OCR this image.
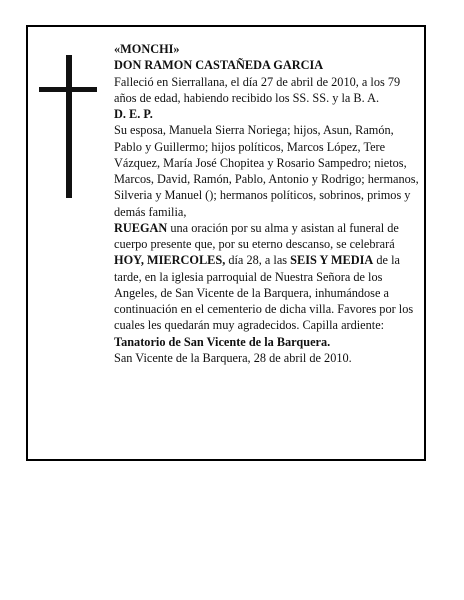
«MONCHI»

DON RAMON CASTAÑEDA GARCIA

Falleció en Sierrallana, el día 27 de abril de 2010, a los 79 años de edad, habiendo recibido los SS. SS. y la B. A.

D. E. P.

Su esposa, Manuela Sierra Noriega; hijos, Asun, Ramón, Pablo y Guillermo; hijos políticos, Marcos López, Tere Vázquez, María José Chopitea y Rosario Sampedro; nietos, Marcos, David, Ramón, Pablo, Antonio y Rodrigo; hermanos, Silveria y Manuel (); hermanos políticos, sobrinos, primos y demás familia,

RUEGAN una oración por su alma y asistan al funeral de cuerpo presente que, por su eterno descanso, se celebrará HOY, MIERCOLES, día 28, a las SEIS Y MEDIA de la tarde, en la iglesia parroquial de Nuestra Señora de los Angeles, de San Vicente de la Barquera, inhumándose a continuación en el cementerio de dicha villa. Favores por los cuales les quedarán muy agradecidos. Capilla ardiente: Tanatorio de San Vicente de la Barquera.

San Vicente de la Barquera, 28 de abril de 2010.
